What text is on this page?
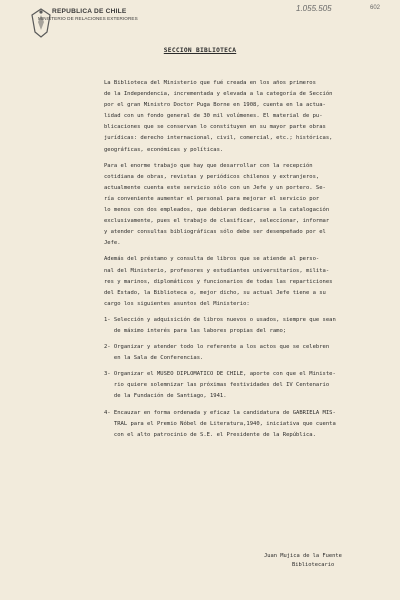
REPUBLICA DE CHILE
MINISTERIO DE RELACIONES EXTERIORES
1.055.505	602
SECCION BIBLIOTECA
La Biblioteca del Ministerio que fué creada en los años primeros
de la Independencia, incrementada y elevada a la categoría de Sección
por el gran Ministro Doctor Puga Borne en 1908, cuenta en la actua-
lidad con un fondo general de 30 mil volúmenes. El material de pu-
blicaciones que se conservan lo constituyen en su mayor parte obras
jurídicas: derecho internacional, civil, comercial, etc.; históricas,
geográficas, económicas y políticas.
Para el enorme trabajo que hay que desarrollar con la recepción
cotidiana de obras, revistas y periódicos chilenos y extranjeros,
actualmente cuenta este servicio sólo con un Jefe y un portero. Se-
ría conveniente aumentar el personal para mejorar el servicio por
lo menos con dos empleados, que debieran dedicarse a la catalogación
exclusivamente, pues el trabajo de clasificar, seleccionar, informar
y atender consultas bibliográficas sólo debe ser desempeñado por el
Jefe.
Además del préstamo y consulta de libros que se atiende al perso-
nal del Ministerio, profesores y estudiantes universitarios, milita-
res y marinos, diplomáticos y funcionarios de todas las reparticiones
del Estado, la Biblioteca o, mejor dicho, su actual Jefe tiene a su
cargo los siguientes asuntos del Ministerio:
1- Selección y adquisición de libros nuevos o usados, siempre que sean
de máximo interés para las labores propias del ramo;
2- Organizar y atender todo lo referente a los actos que se celebren
en la Sala de Conferencias.
3- Organizar el MUSEO DIPLOMATICO DE CHILE, aporte con que el Ministe-
rio quiere solemnizar las próximas festividades del IV Centenario
de la Fundación de Santiago, 1941.
4- Encauzar en forma ordenada y eficaz la candidatura de GABRIELA MIS-
TRAL para el Premio Nóbel de Literatura,1940, iniciativa que cuenta
con el alto patrocinio de S.E. el Presidente de la República.
Juan Mujica de la Fuente
Bibliotecario
